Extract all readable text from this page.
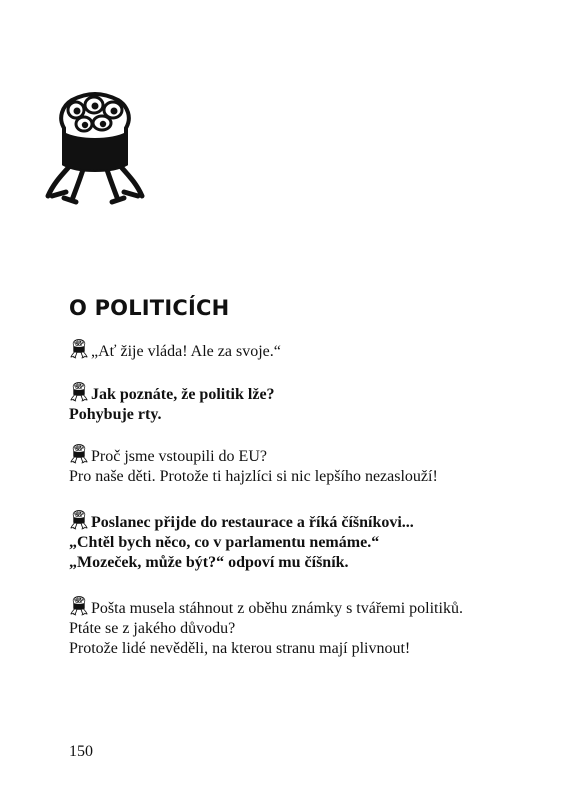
O POLITICÍCH
„Ať žije vláda! Ale za svoje.“
Jak poznáte, že politik lže?
Pohybuje rty.
Proč jsme vstoupili do EU?
Pro naše děti. Protože ti hajzlíci si nic lepšího nezaslouží!
Poslanec přijde do restaurace a říká číšníkovi...
„Chtěl bych něco, co v parlamentu nemáme.“
„Mozeček, může být?“ odpoví mu číšník.
Pošta musela stáhnout z oběhu známky s tvářemi politiků.
Ptáte se z jakého důvodu?
Protože lidé nevěděli, na kterou stranu mají plivnout!
150
